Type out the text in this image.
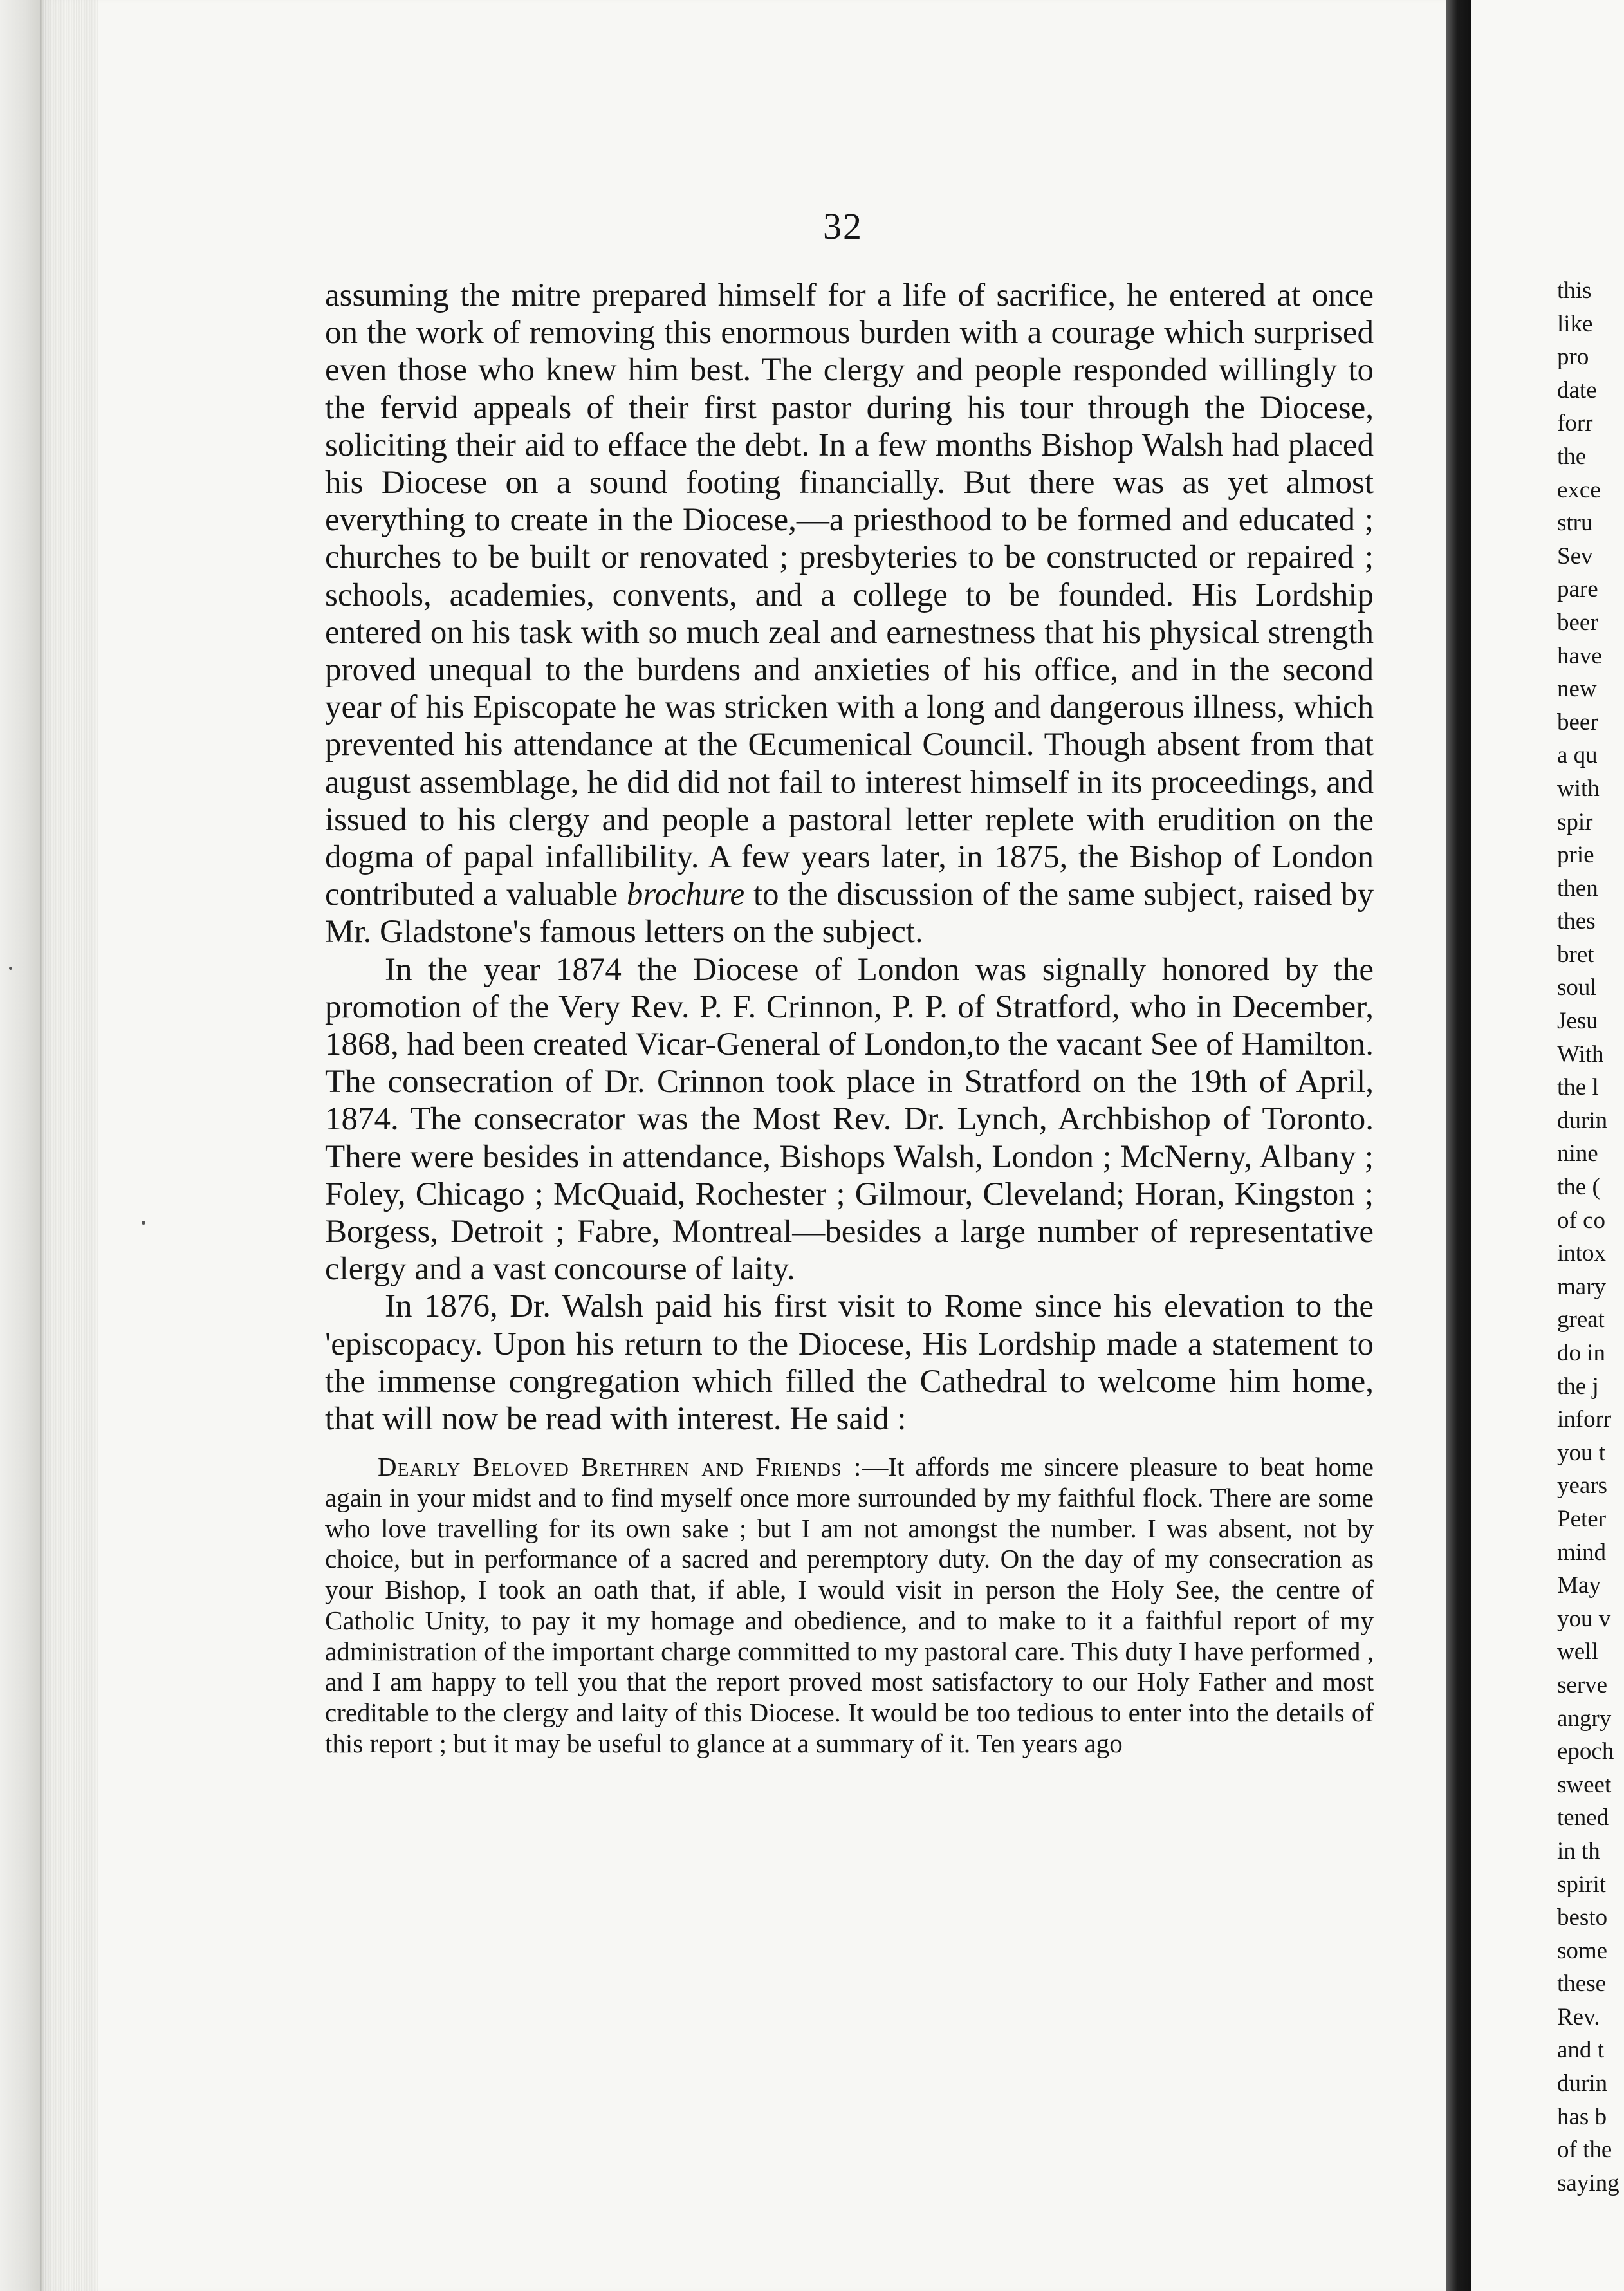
32

assuming the mitre prepared himself for a life of sacrifice, he entered at once on the work of removing this enormous burden with a courage which surprised even those who knew him best. The clergy and people responded willingly to the fervid appeals of their first pastor during his tour through the Diocese, soliciting their aid to efface the debt. In a few months Bishop Walsh had placed his Diocese on a sound footing financially. But there was as yet almost everything to create in the Diocese,—a priesthood to be formed and educated ; churches to be built or renovated ; presbyteries to be constructed or repaired ; schools, academies, convents, and a college to be founded. His Lordship entered on his task with so much zeal and earnestness that his physical strength proved unequal to the burdens and anxieties of his office, and in the second year of his Episcopate he was stricken with a long and dangerous illness, which prevented his attendance at the Œcumenical Council. Though absent from that august assemblage, he did did not fail to interest himself in its proceedings, and issued to his clergy and people a pastoral letter replete with erudition on the dogma of papal infallibility. A few years later, in 1875, the Bishop of London contributed a valuable brochure to the discussion of the same subject, raised by Mr. Gladstone's famous letters on the subject.

In the year 1874 the Diocese of London was signally honored by the promotion of the Very Rev. P. F. Crinnon, P. P. of Stratford, who in December, 1868, had been created Vicar-General of London,to the vacant See of Hamilton. The consecration of Dr. Crinnon took place in Stratford on the 19th of April, 1874. The consecrator was the Most Rev. Dr. Lynch, Archbishop of Toronto. There were besides in attendance, Bishops Walsh, London ; McNerny, Albany ; Foley, Chicago ; McQuaid, Rochester ; Gilmour, Cleveland; Horan, Kingston ; Borgess, Detroit ; Fabre, Montreal—besides a large number of representative clergy and a vast concourse of laity.

In 1876, Dr. Walsh paid his first visit to Rome since his elevation to the 'episcopacy. Upon his return to the Diocese, His Lordship made a statement to the immense congregation which filled the Cathedral to welcome him home, that will now be read with interest. He said :

Dearly Beloved Brethren and Friends :—It affords me sincere pleasure to beat home again in your midst and to find myself once more surrounded by my faithful flock. There are some who love travelling for its own sake ; but I am not amongst the number. I was absent, not by choice, but in performance of a sacred and peremptory duty. On the day of my consecration as your Bishop, I took an oath that, if able, I would visit in person the Holy See, the centre of Catholic Unity, to pay it my homage and obedience, and to make to it a faithful report of my administration of the important charge committed to my pastoral care. This duty I have performed , and I am happy to tell you that the report proved most satisfactory to our Holy Father and most creditable to the clergy and laity of this Diocese. It would be too tedious to enter into the details of this report ; but it may be useful to glance at a summary of it. Ten years ago

this
like
pro
date
forr
the
exce
stru
Sev
pare
beer
have
new
beer
a qu
with
spir
prie
then
thes
bret
soul
Jesu
With
the l
durin
nine
the (
of co
intox
mary
great
do in
the j
inforr
you t
years
Peter
mind
May
you v
well
serve
angry
epoch
sweet
tened
in th
spirit
besto
some
these
Rev.
and t
durin
has b
of the
saying
